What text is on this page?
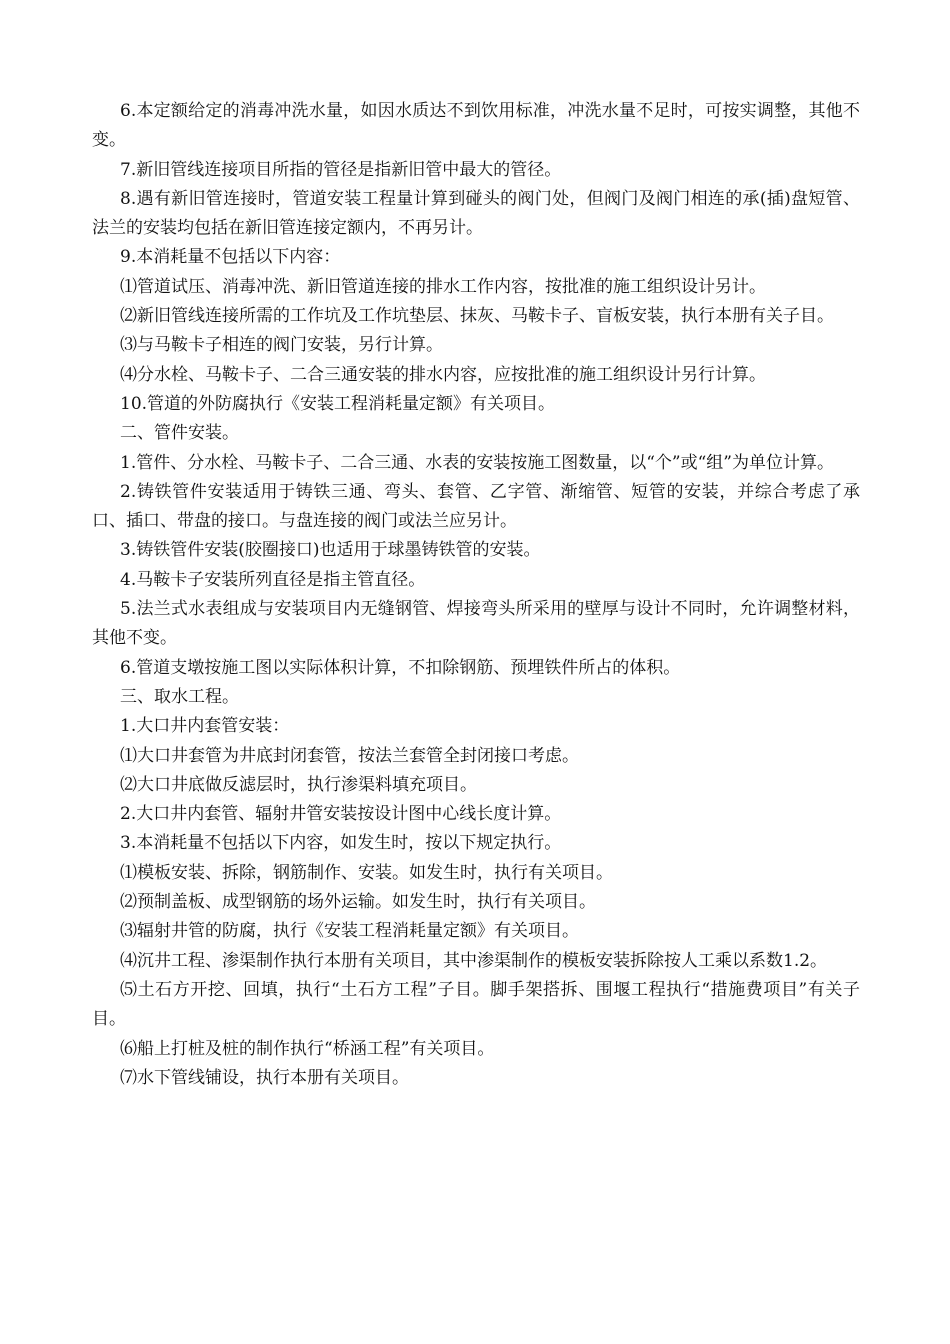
6.本定额给定的消毒冲洗水量，如因水质达不到饮用标准，冲洗水量不足时，可按实调整，其他不变。

7.新旧管线连接项目所指的管径是指新旧管中最大的管径。

8.遇有新旧管连接时，管道安装工程量计算到碰头的阀门处，但阀门及阀门相连的承(插)盘短管、法兰的安装均包括在新旧管连接定额内，不再另计。

9.本消耗量不包括以下内容：

⑴管道试压、消毒冲洗、新旧管道连接的排水工作内容，按批准的施工组织设计另计。

⑵新旧管线连接所需的工作坑及工作坑垫层、抹灰、马鞍卡子、盲板安装，执行本册有关子目。

⑶与马鞍卡子相连的阀门安装，另行计算。

⑷分水栓、马鞍卡子、二合三通安装的排水内容，应按批准的施工组织设计另行计算。

10.管道的外防腐执行《安装工程消耗量定额》有关项目。

二、管件安装。

1.管件、分水栓、马鞍卡子、二合三通、水表的安装按施工图数量，以“个”或“组”为单位计算。

2.铸铁管件安装适用于铸铁三通、弯头、套管、乙字管、渐缩管、短管的安装，并综合考虑了承口、插口、带盘的接口。与盘连接的阀门或法兰应另计。

3.铸铁管件安装(胶圈接口)也适用于球墨铸铁管的安装。

4.马鞍卡子安装所列直径是指主管直径。

5.法兰式水表组成与安装项目内无缝钢管、焊接弯头所采用的壁厚与设计不同时，允许调整材料，其他不变。

6.管道支墩按施工图以实际体积计算，不扣除钢筋、预埋铁件所占的体积。

三、取水工程。

1.大口井内套管安装：

⑴大口井套管为井底封闭套管，按法兰套管全封闭接口考虑。

⑵大口井底做反滤层时，执行渗渠料填充项目。

2.大口井内套管、辐射井管安装按设计图中心线长度计算。

3.本消耗量不包括以下内容，如发生时，按以下规定执行。

⑴模板安装、拆除，钢筋制作、安装。如发生时，执行有关项目。

⑵预制盖板、成型钢筋的场外运输。如发生时，执行有关项目。

⑶辐射井管的防腐，执行《安装工程消耗量定额》有关项目。

⑷沉井工程、渗渠制作执行本册有关项目，其中渗渠制作的模板安装拆除按人工乘以系数1.2。

⑸土石方开挖、回填，执行“土石方工程”子目。脚手架搭拆、围堰工程执行“措施费项目”有关子目。

⑹船上打桩及桩的制作执行“桥涵工程”有关项目。

⑺水下管线铺设，执行本册有关项目。
